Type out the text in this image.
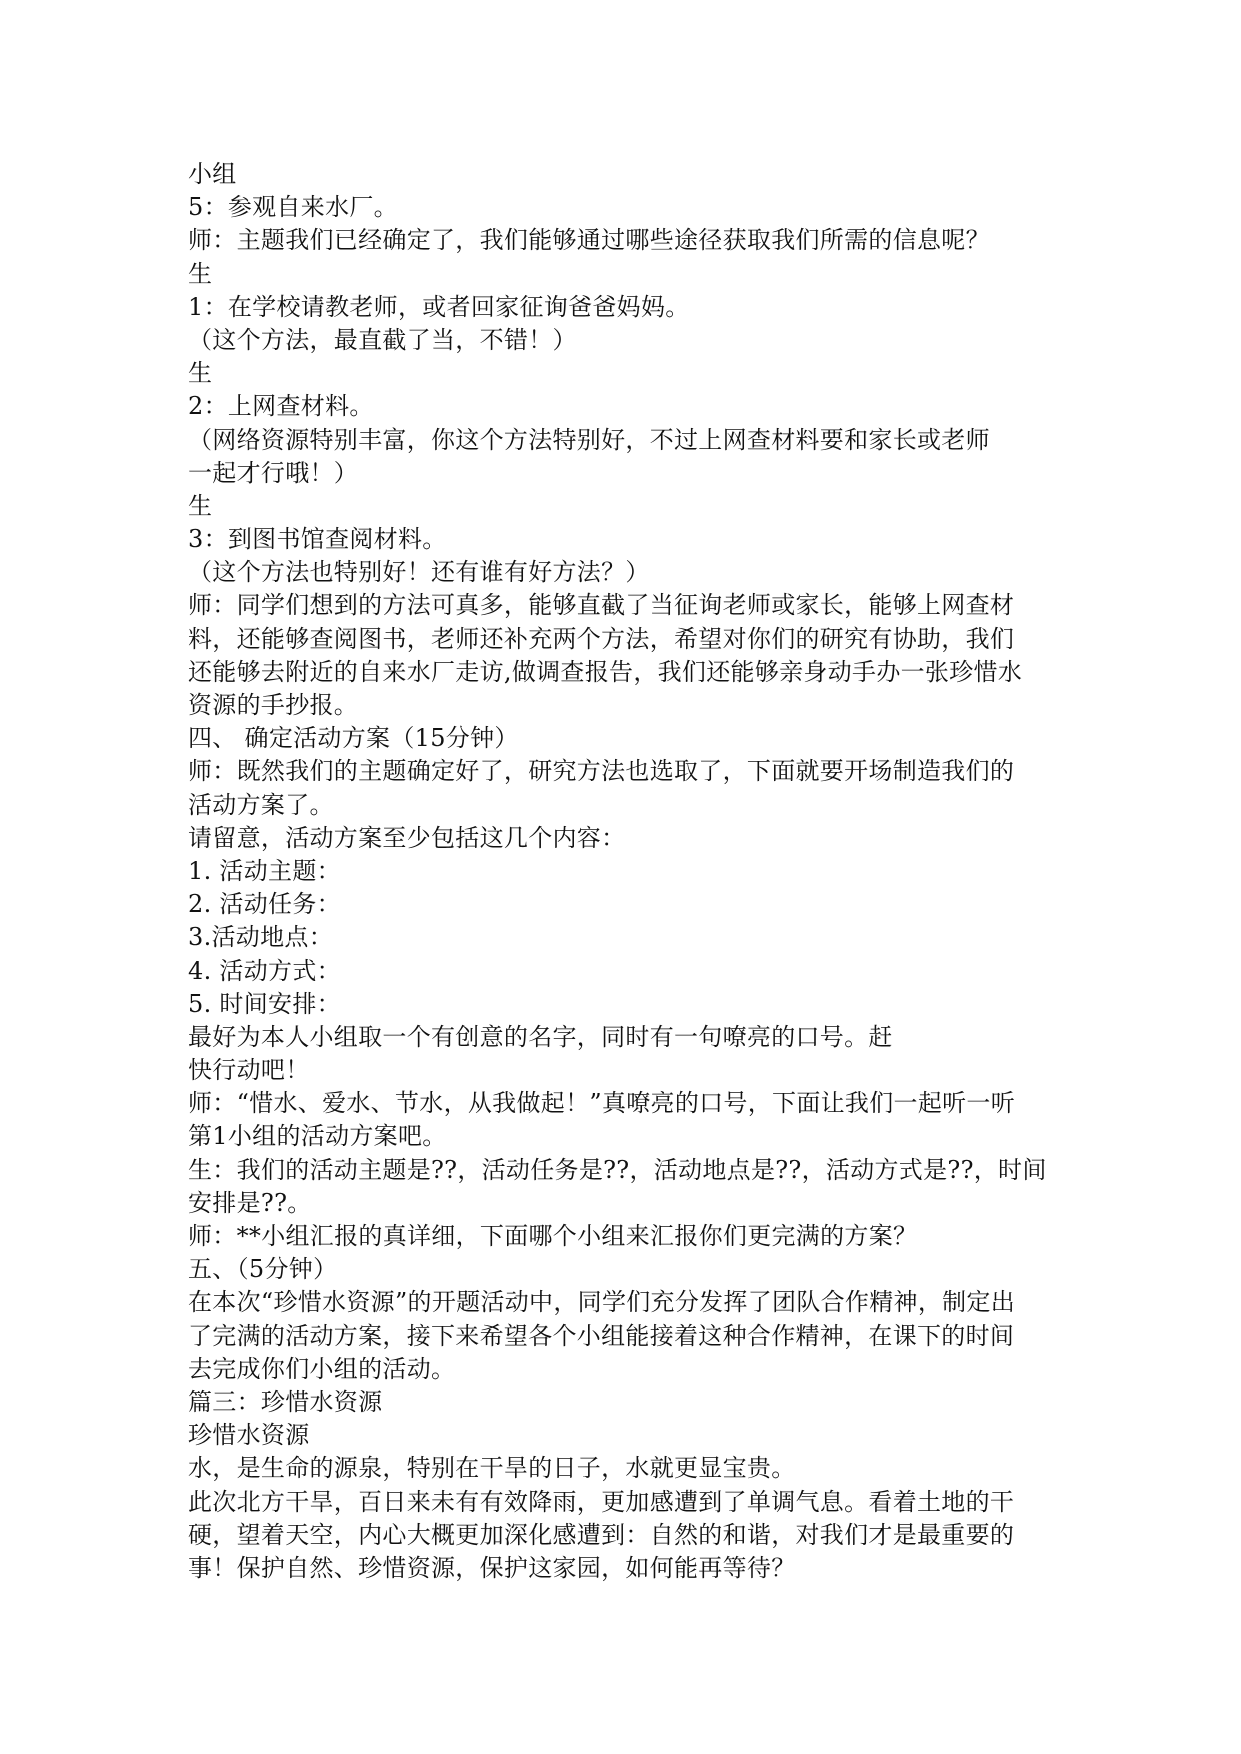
小组
5：参观自来水厂。
师：主题我们已经确定了，我们能够通过哪些途径获取我们所需的信息呢？
生
1：在学校请教老师，或者回家征询爸爸妈妈。
（这个方法，最直截了当，不错！）
生
2：上网查材料。
（网络资源特别丰富，你这个方法特别好，不过上网查材料要和家长或老师
一起才行哦！）
生
3：到图书馆查阅材料。
（这个方法也特别好！还有谁有好方法？）
师：同学们想到的方法可真多，能够直截了当征询老师或家长，能够上网查材
料，还能够查阅图书，老师还补充两个方法，希望对你们的研究有协助，我们
还能够去附近的自来水厂走访,做调查报告，我们还能够亲身动手办一张珍惜水
资源的手抄报。
四、 确定活动方案（15分钟）
师：既然我们的主题确定好了，研究方法也选取了，下面就要开场制造我们的
活动方案了。
请留意，活动方案至少包括这几个内容：
1. 活动主题：
2. 活动任务：
3.活动地点：
4. 活动方式：
5. 时间安排：
最好为本人小组取一个有创意的名字，同时有一句嘹亮的口号。赶
快行动吧！
师：“惜水、爱水、节水，从我做起！”真嘹亮的口号，下面让我们一起听一听
第1小组的活动方案吧。
生：我们的活动主题是??，活动任务是??，活动地点是??，活动方式是??，时间
安排是??。
师：**小组汇报的真详细，下面哪个小组来汇报你们更完满的方案？
五、（5分钟）
在本次“珍惜水资源”的开题活动中，同学们充分发挥了团队合作精神，制定出
了完满的活动方案，接下来希望各个小组能接着这种合作精神，在课下的时间
去完成你们小组的活动。
篇三：珍惜水资源
珍惜水资源
水，是生命的源泉，特别在干旱的日子，水就更显宝贵。
此次北方干旱，百日来未有有效降雨，更加感遭到了单调气息。看着土地的干
硬，望着天空，内心大概更加深化感遭到：自然的和谐，对我们才是最重要的
事！保护自然、珍惜资源，保护这家园，如何能再等待？
